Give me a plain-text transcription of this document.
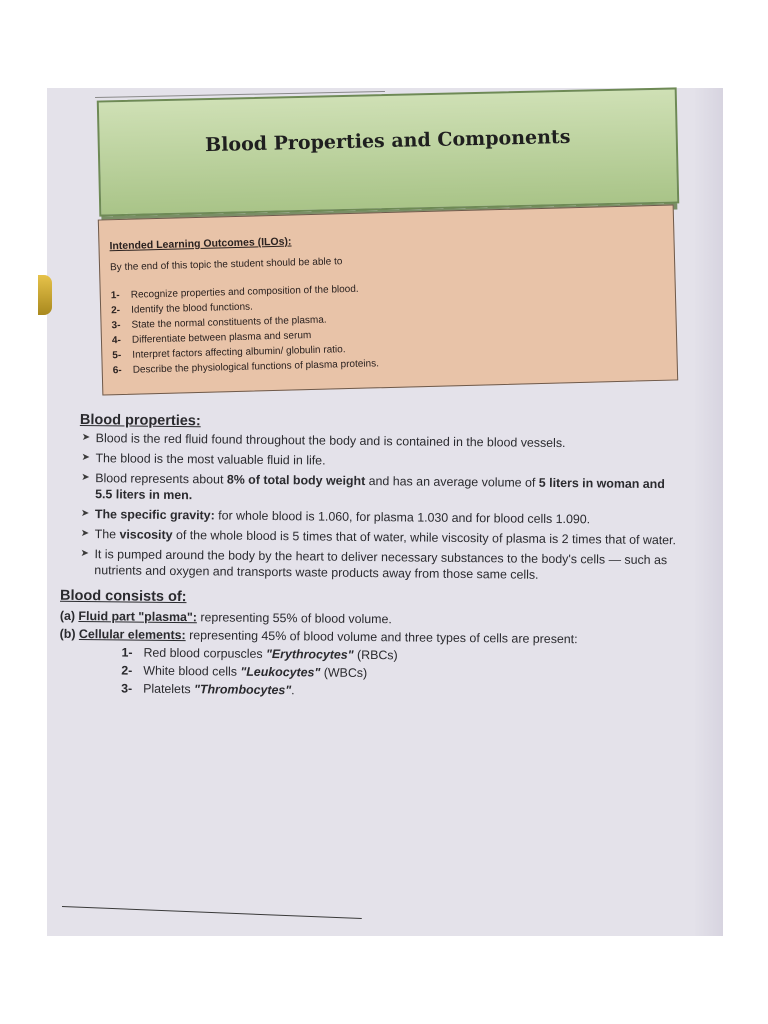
Blood Properties and Components
Intended Learning Outcomes (ILOs):
By the end of this topic the student should be able to
1- Recognize properties and composition of the blood.
2- Identify the blood functions.
3- State the normal constituents of the plasma.
4- Differentiate between plasma and serum
5- Interpret factors affecting albumin/ globulin ratio.
6- Describe the physiological functions of plasma proteins.
Blood properties:
➤ Blood is the red fluid found throughout the body and is contained in the blood vessels.
➤ The blood is the most valuable fluid in life.
➤ Blood represents about 8% of total body weight and has an average volume of 5 liters in woman and 5.5 liters in men.
➤ The specific gravity: for whole blood is 1.060, for plasma 1.030 and for blood cells 1.090.
➤ The viscosity of the whole blood is 5 times that of water, while viscosity of plasma is 2 times that of water.
➤ It is pumped around the body by the heart to deliver necessary substances to the body's cells — such as nutrients and oxygen and transports waste products away from those same cells.
Blood consists of:
(a) Fluid part "plasma": representing 55% of blood volume.
(b) Cellular elements: representing 45% of blood volume and three types of cells are present:
1- Red blood corpuscles "Erythrocytes" (RBCs)
2- White blood cells "Leukocytes" (WBCs)
3- Platelets "Thrombocytes".
